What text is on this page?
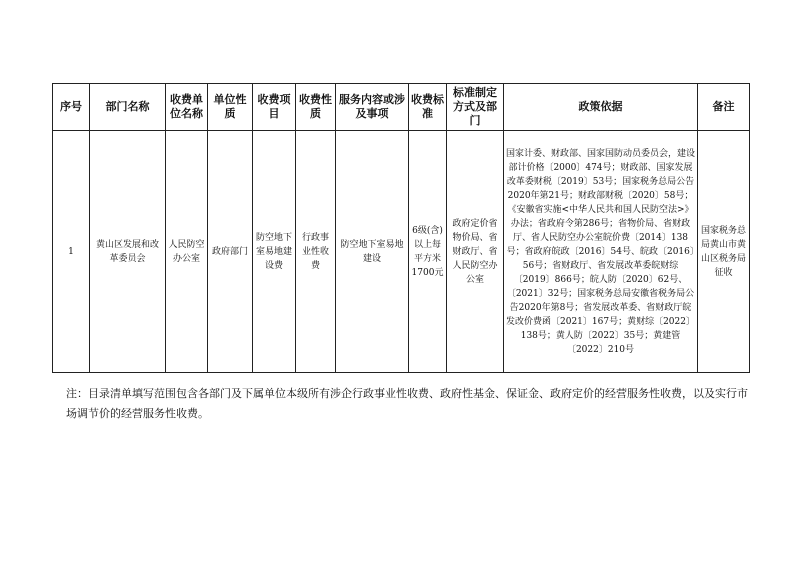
序号	部门名称	收费单位名称	单位性质	收费项目	收费性质	服务内容或涉及事项	收费标准	标准制定方式及部门	政策依据	备注
1	黄山区发展和改革委员会	人民防空办公室	政府部门	防空地下室易地建设费	行政事业性收费	防空地下室易地建设	6级(含)以上每平方米1700元	政府定价省物价局、省财政厅、省人民防空办公室	国家计委、财政部、国家国防动员委员会，建设部计价格〔2000〕474号；财政部、国家发展改革委财税〔2019〕53号；国家税务总局公告2020年第21号；财政部财税〔2020〕58号；《安徽省实施<中华人民共和国人民防空法>》办法；省政府令第286号；省物价局、省财政厅、省人民防空办公室皖价费〔2014〕138号；省政府皖政〔2016〕54号、皖政〔2016〕56号；省财政厅、省发展改革委皖财综〔2019〕866号；皖人防〔2020〕62号、〔2021〕32号；国家税务总局安徽省税务局公告2020年第8号；省发展改革委、省财政厅皖发改价费函〔2021〕167号；黄财综〔2022〕138号；黄人防〔2022〕35号；黄建管〔2022〕210号	国家税务总局黄山市黄山区税务局征收
注：目录清单填写范围包含各部门及下属单位本级所有涉企行政事业性收费、政府性基金、保证金、政府定价的经营服务性收费，以及实行市场调节价的经营服务性收费。
